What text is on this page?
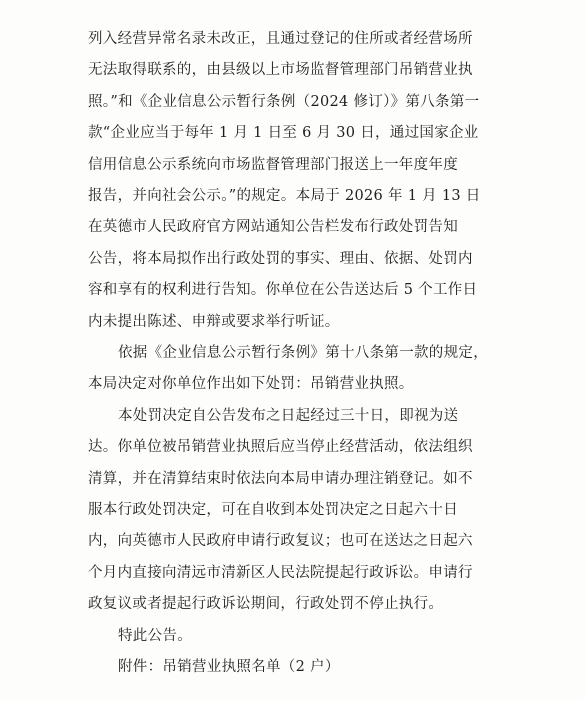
列入经营异常名录未改正，且通过登记的住所或者经营场所
无法取得联系的，由县级以上市场监督管理部门吊销营业执
照。”和《企业信息公示暂行条例（2024 修订）》第八条第一
款“企业应当于每年 1 月 1 日至 6 月 30 日，通过国家企业
信用信息公示系统向市场监督管理部门报送上一年度年度
报告，并向社会公示。”的规定。本局于 2026 年 1 月 13 日
在英德市人民政府官方网站通知公告栏发布行政处罚告知
公告，将本局拟作出行政处罚的事实、理由、依据、处罚内
容和享有的权利进行告知。你单位在公告送达后 5 个工作日
内未提出陈述、申辩或要求举行听证。
依据《企业信息公示暂行条例》第十八条第一款的规定，
本局决定对你单位作出如下处罚：吊销营业执照。
本处罚决定自公告发布之日起经过三十日，即视为送
达。你单位被吊销营业执照后应当停止经营活动，依法组织
清算，并在清算结束时依法向本局申请办理注销登记。如不
服本行政处罚决定，可在自收到本处罚决定之日起六十日
内，向英德市人民政府申请行政复议；也可在送达之日起六
个月内直接向清远市清新区人民法院提起行政诉讼。申请行
政复议或者提起行政诉讼期间，行政处罚不停止执行。
特此公告。
附件：吊销营业执照名单（2 户）
